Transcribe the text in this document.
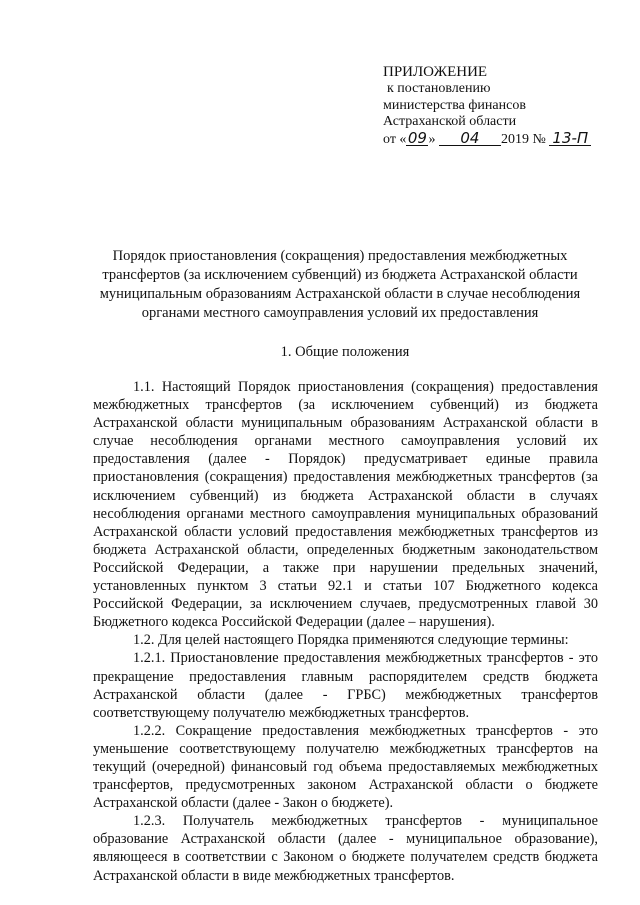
ПРИЛОЖЕНИЕ
к постановлению
министерства финансов
Астраханской области
от «09» 04 2019 № 13-П
Порядок приостановления (сокращения) предоставления межбюджетных трансфертов (за исключением субвенций) из бюджета Астраханской области муниципальным образованиям Астраханской области в случае несоблюдения органами местного самоуправления условий их предоставления
1. Общие положения

1.1. Настоящий Порядок приостановления (сокращения) предоставления межбюджетных трансфертов (за исключением субвенций) из бюджета Астраханской области муниципальным образованиям Астраханской области в случае несоблюдения органами местного самоуправления условий их предоставления (далее - Порядок) предусматривает единые правила приостановления (сокращения) предоставления межбюджетных трансфертов (за исключением субвенций) из бюджета Астраханской области в случаях несоблюдения органами местного самоуправления муниципальных образований Астраханской области условий предоставления межбюджетных трансфертов из бюджета Астраханской области, определенных бюджетным законодательством Российской Федерации, а также при нарушении предельных значений, установленных пунктом 3 статьи 92.1 и статьи 107 Бюджетного кодекса Российской Федерации, за исключением случаев, предусмотренных главой 30 Бюджетного кодекса Российской Федерации (далее – нарушения).

1.2. Для целей настоящего Порядка применяются следующие термины:

1.2.1. Приостановление предоставления межбюджетных трансфертов - это прекращение предоставления главным распорядителем средств бюджета Астраханской области (далее - ГРБС) межбюджетных трансфертов соответствующему получателю межбюджетных трансфертов.

1.2.2. Сокращение предоставления межбюджетных трансфертов - это уменьшение соответствующему получателю межбюджетных трансфертов на текущий (очередной) финансовый год объема предоставляемых межбюджетных трансфертов, предусмотренных законом Астраханской области о бюджете Астраханской области (далее - Закон о бюджете).

1.2.3. Получатель межбюджетных трансфертов - муниципальное образование Астраханской области (далее - муниципальное образование), являющееся в соответствии с Законом о бюджете получателем средств бюджета Астраханской области в виде межбюджетных трансфертов.
